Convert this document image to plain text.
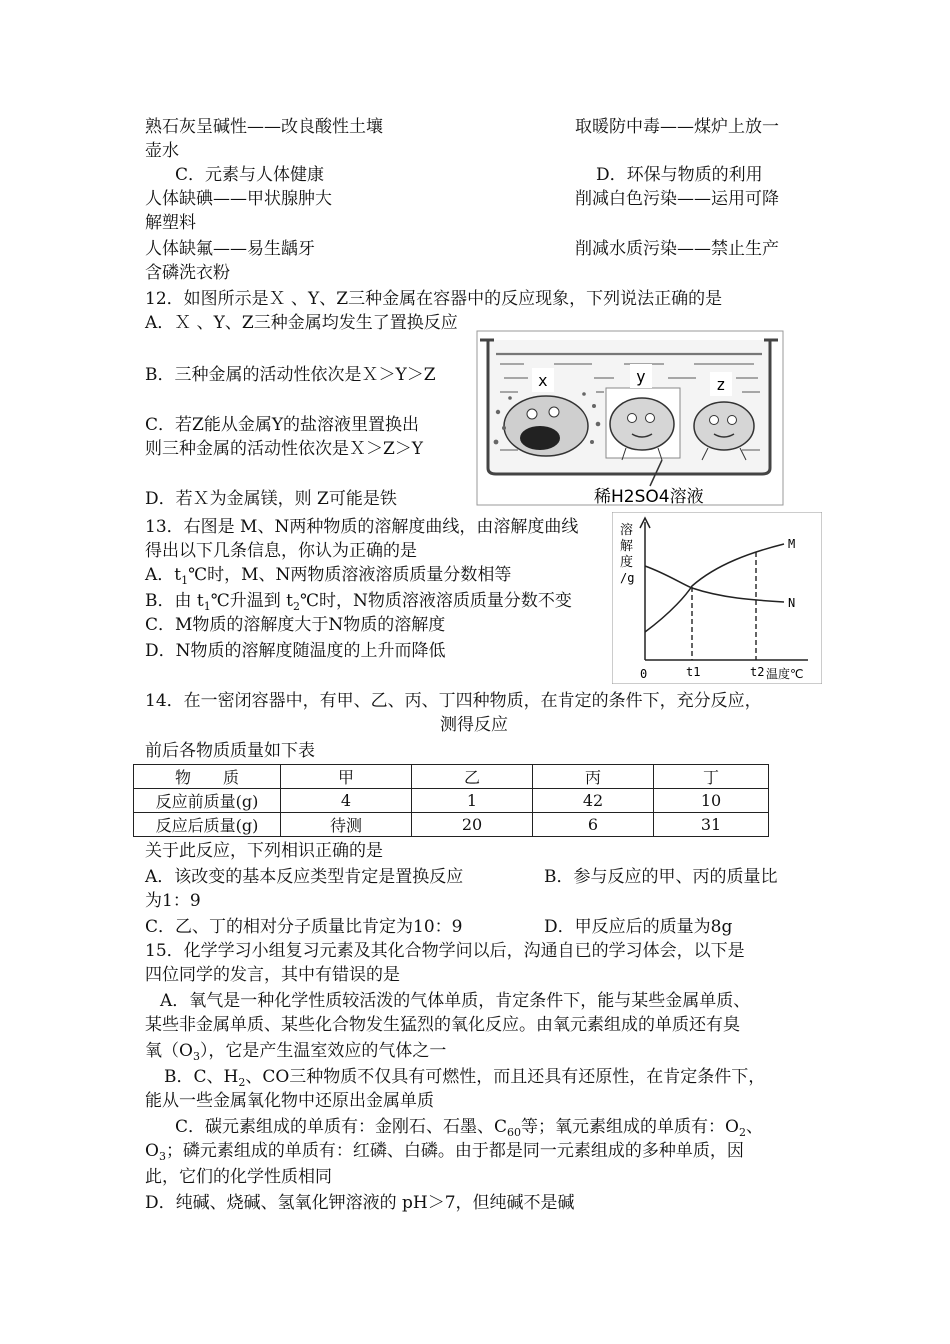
熟石灰呈碱性——改良酸性土壤	取暖防中毒——煤炉上放一
壶水
C．元素与人体健康	D．环保与物质的利用
人体缺碘——甲状腺肿大	削减白色污染——运用可降
解塑料
人体缺氟——易生龋牙	削减水质污染——禁止生产
含磷洗衣粉
12．如图所示是Ｘ 、Y、Z三种金属在容器中的反应现象，下列说法正确的是
A．Ｘ 、Y、Z三种金属均发生了置换反应
B．三种金属的活动性依次是Ｘ＞Y＞Z
C．若Z能从金属Y的盐溶液里置换出
则三种金属的活动性依次是Ｘ＞Z＞Y
D．若Ｘ为金属镁，则 Z可能是铁
x	y	z
稀H2SO4溶液
13．右图是 M、N两种物质的溶解度曲线，由溶解度曲线
得出以下几条信息，你认为正确的是
A．$t_1℃$时，M、N两物质溶液溶质质量分数相等
B．由 $t_1℃$升温到 $t_2℃$时，N物质溶液溶质质量分数不变
C．M物质的溶解度大于N物质的溶解度
D．N物质的溶解度随温度的上升而降低
溶
解
度
/g
M
N
0	t1	t2 温度℃
14．在一密闭容器中，有甲、乙、丙、丁四种物质，在肯定的条件下，充分反应，
测得反应
前后各物质质量如下表
物　　质	甲	乙	丙	丁
反应前质量(g)	4	1	42	10
反应后质量(g)	待测	20	6	31
关于此反应，下列相识正确的是
A．该改变的基本反应类型肯定是置换反应	B．参与反应的甲、丙的质量比
为1：9
C．乙、丁的相对分子质量比肯定为10：9	D．甲反应后的质量为8g
15．化学学习小组复习元素及其化合物学问以后，沟通自已的学习体会，以下是
四位同学的发言，其中有错误的是
A．氧气是一种化学性质较活泼的气体单质，肯定条件下，能与某些金属单质、
某些非金属单质、某些化合物发生猛烈的氧化反应。由氧元素组成的单质还有臭
氧$(O_3)$，它是产生温室效应的气体之一
B．C、$H_2$、CO三种物质不仅具有可燃性，而且还具有还原性，在肯定条件下，
能从一些金属氧化物中还原出金属单质
C．碳元素组成的单质有：金刚石、石墨、$C_{60}$等；氧元素组成的单质有：$O_2$、
$O_3$；磷元素组成的单质有：红磷、白磷。由于都是同一元素组成的多种单质，因
此，它们的化学性质相同
D．纯碱、烧碱、氢氧化钾溶液的 pH＞7，但纯碱不是碱
